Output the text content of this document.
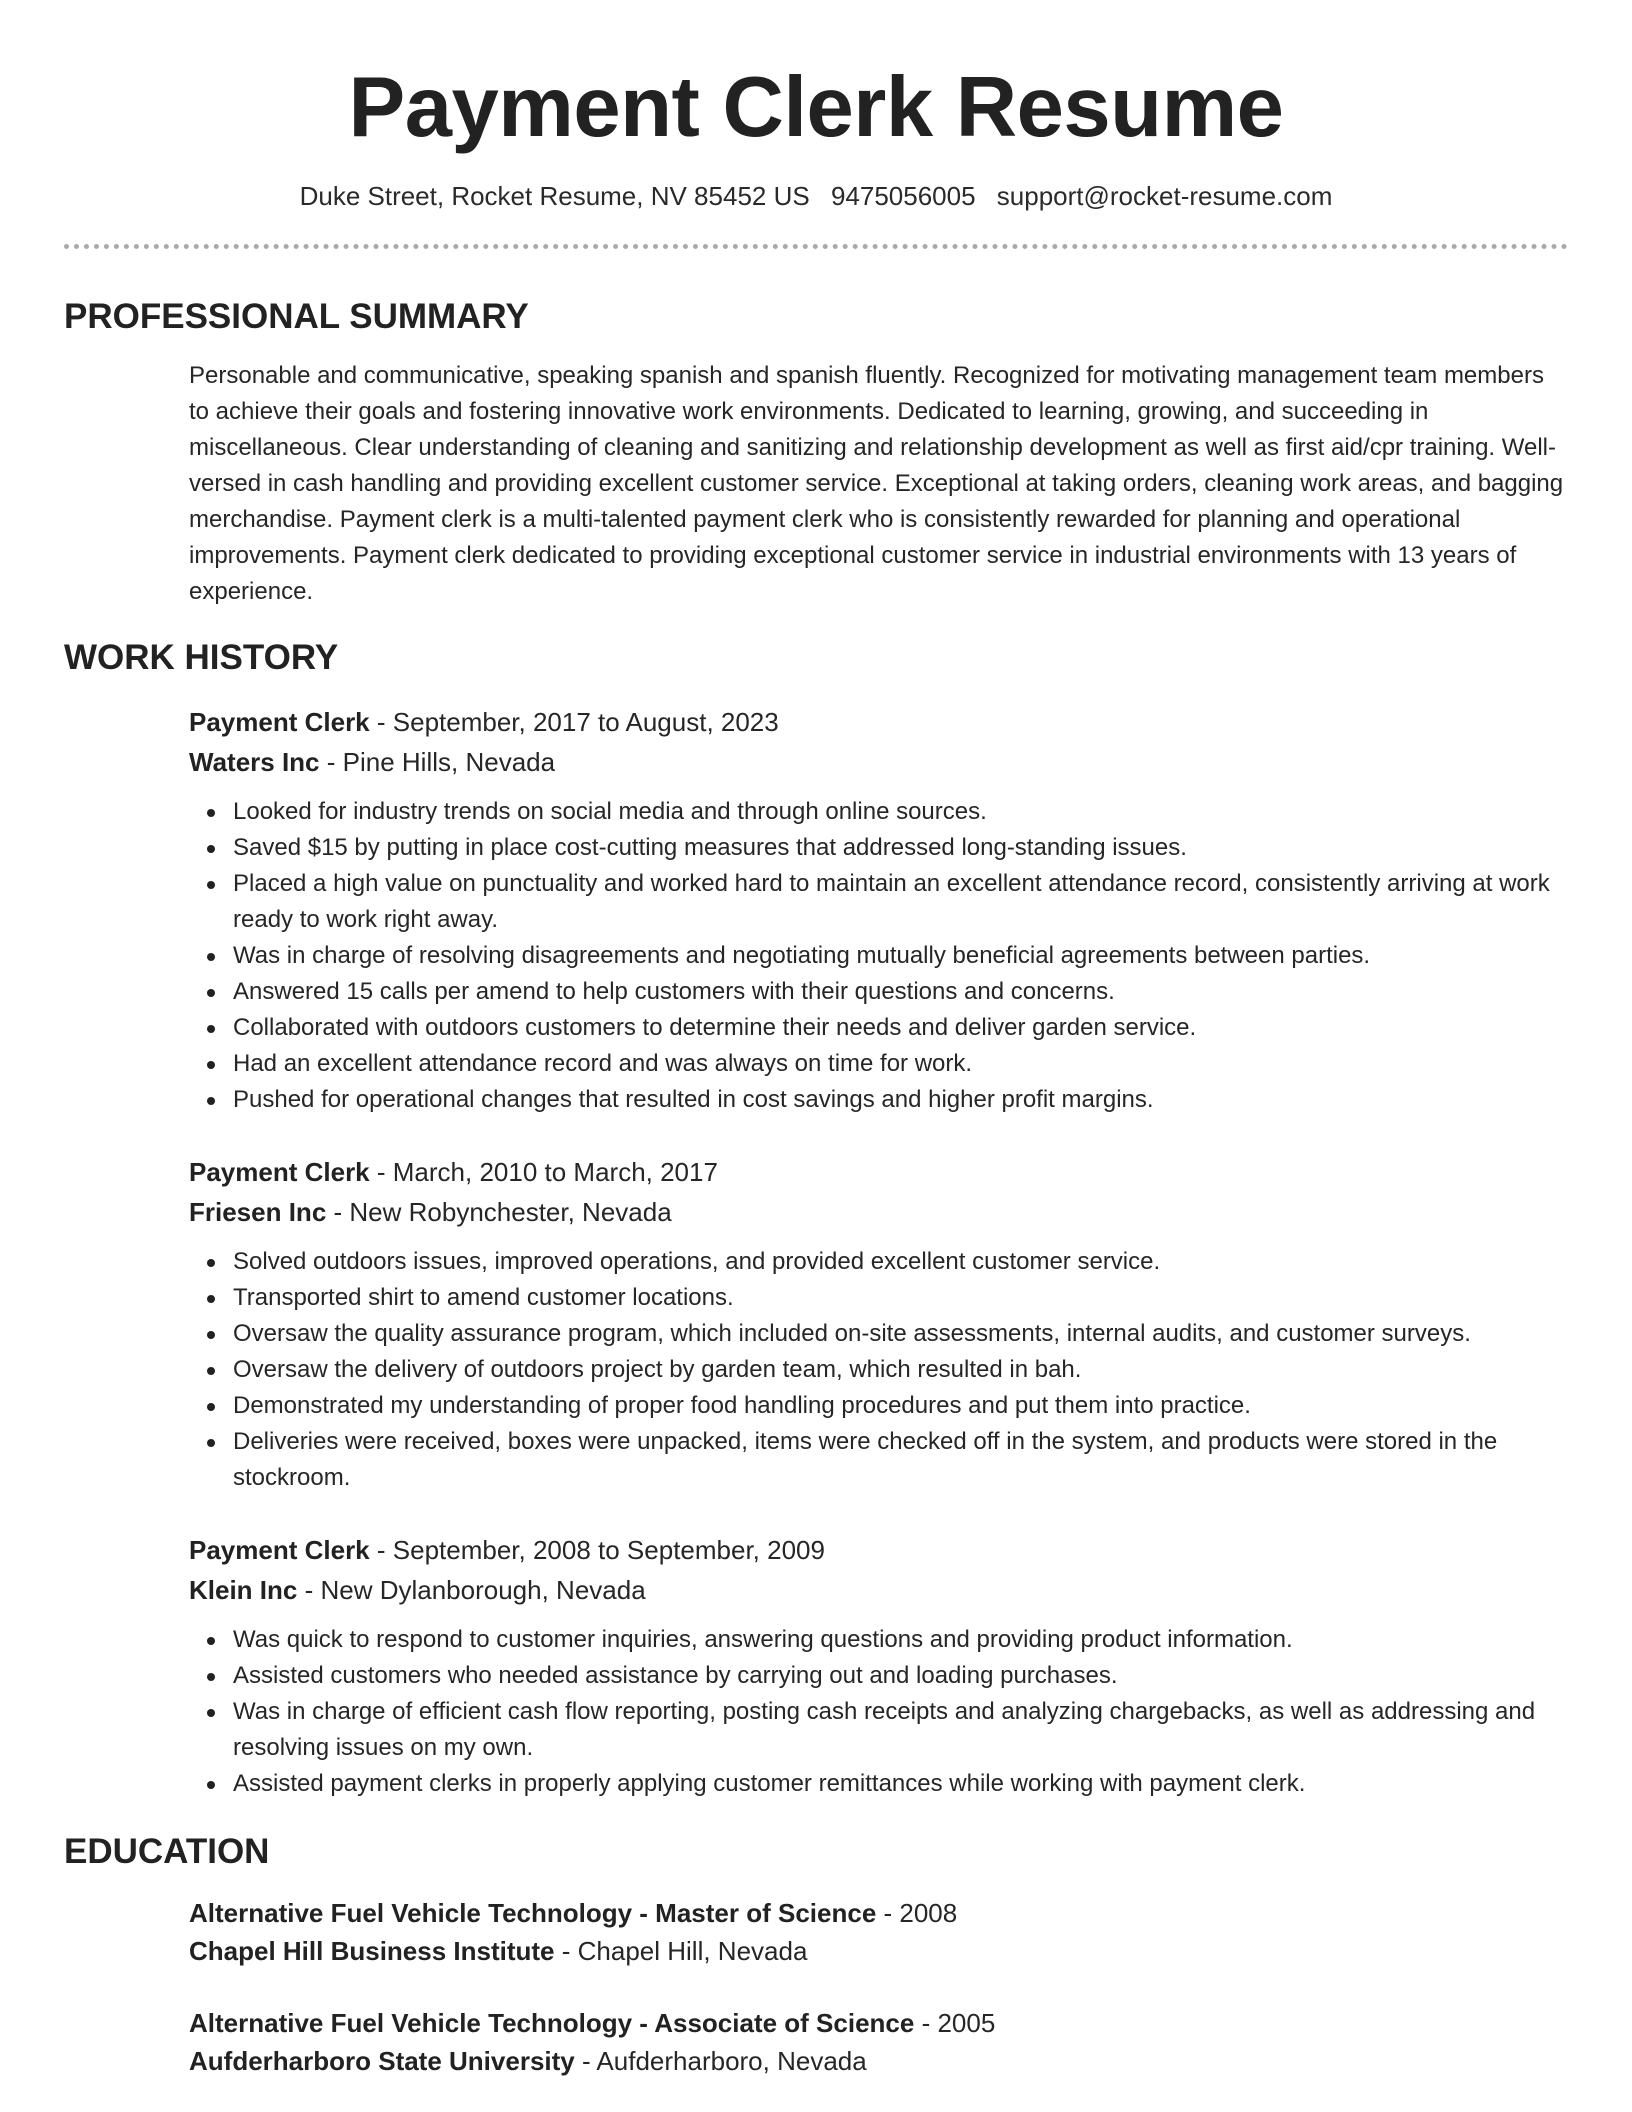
Payment Clerk Resume
Duke Street, Rocket Resume, NV 85452 US 9475056005 support@rocket-resume.com
PROFESSIONAL SUMMARY
Personable and communicative, speaking spanish and spanish fluently. Recognized for motivating management team members to achieve their goals and fostering innovative work environments. Dedicated to learning, growing, and succeeding in miscellaneous. Clear understanding of cleaning and sanitizing and relationship development as well as first aid/cpr training. Well-versed in cash handling and providing excellent customer service. Exceptional at taking orders, cleaning work areas, and bagging merchandise. Payment clerk is a multi-talented payment clerk who is consistently rewarded for planning and operational improvements. Payment clerk dedicated to providing exceptional customer service in industrial environments with 13 years of experience.
WORK HISTORY
Payment Clerk - September, 2017 to August, 2023
Waters Inc - Pine Hills, Nevada
Looked for industry trends on social media and through online sources.
Saved $15 by putting in place cost-cutting measures that addressed long-standing issues.
Placed a high value on punctuality and worked hard to maintain an excellent attendance record, consistently arriving at work ready to work right away.
Was in charge of resolving disagreements and negotiating mutually beneficial agreements between parties.
Answered 15 calls per amend to help customers with their questions and concerns.
Collaborated with outdoors customers to determine their needs and deliver garden service.
Had an excellent attendance record and was always on time for work.
Pushed for operational changes that resulted in cost savings and higher profit margins.
Payment Clerk - March, 2010 to March, 2017
Friesen Inc - New Robynchester, Nevada
Solved outdoors issues, improved operations, and provided excellent customer service.
Transported shirt to amend customer locations.
Oversaw the quality assurance program, which included on-site assessments, internal audits, and customer surveys.
Oversaw the delivery of outdoors project by garden team, which resulted in bah.
Demonstrated my understanding of proper food handling procedures and put them into practice.
Deliveries were received, boxes were unpacked, items were checked off in the system, and products were stored in the stockroom.
Payment Clerk - September, 2008 to September, 2009
Klein Inc - New Dylanborough, Nevada
Was quick to respond to customer inquiries, answering questions and providing product information.
Assisted customers who needed assistance by carrying out and loading purchases.
Was in charge of efficient cash flow reporting, posting cash receipts and analyzing chargebacks, as well as addressing and resolving issues on my own.
Assisted payment clerks in properly applying customer remittances while working with payment clerk.
EDUCATION
Alternative Fuel Vehicle Technology - Master of Science - 2008
Chapel Hill Business Institute - Chapel Hill, Nevada
Alternative Fuel Vehicle Technology - Associate of Science - 2005
Aufderharboro State University - Aufderharboro, Nevada
